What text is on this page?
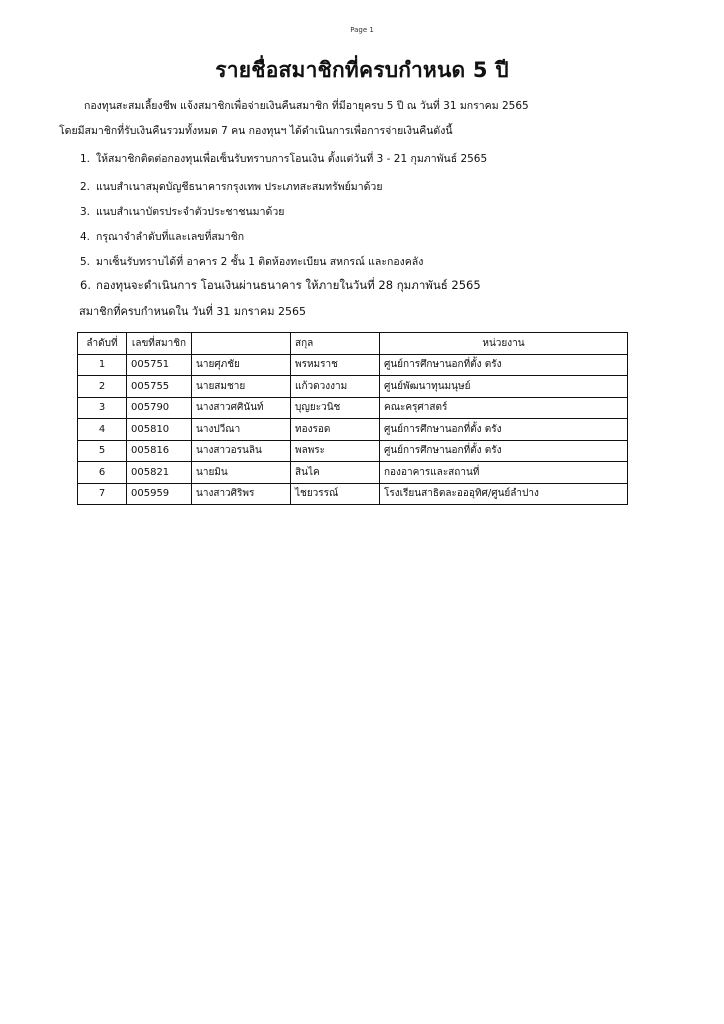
Page 1
รายชื่อสมาชิกที่ครบกำหนด 5 ปี
กองทุนสะสมเลี้ยงชีพ แจ้งสมาชิกเพื่อจ่ายเงินคืนสมาชิก ที่มีอายุครบ 5 ปี ณ วันที่ 31 มกราคม 2565
โดยมีสมาชิกที่รับเงินคืนรวมทั้งหมด 7 คน กองทุนฯ ได้ดำเนินการเพื่อการจ่ายเงินคืนดังนี้
1. ให้สมาชิกติดต่อกองทุนเพื่อเซ็นรับทราบการโอนเงิน ตั้งแต่วันที่ 3 - 21 กุมภาพันธ์ 2565
2. แนบสำเนาสมุดบัญชีธนาคารกรุงเทพ ประเภทสะสมทรัพย์มาด้วย
3. แนบสำเนาบัตรประจำตัวประชาชนมาด้วย
4. กรุณาจำลำดับที่และเลขที่สมาชิก
5. มาเซ็นรับทราบได้ที่ อาคาร 2 ชั้น 1 ติดห้องทะเบียน สหกรณ์ และกองคลัง
6. กองทุนจะดำเนินการ โอนเงินผ่านธนาคาร ให้ภายในวันที่ 28 กุมภาพันธ์ 2565
สมาชิกที่ครบกำหนดใน วันที่ 31 มกราคม 2565
ลำดับที่	เลขที่สมาชิก		สกุล	หน่วยงาน
1	005751	นายศุภชัย	พรหมราช	ศูนย์การศึกษานอกที่ตั้ง ตรัง
2	005755	นายสมชาย	แก้วดวงงาม	ศูนย์พัฒนาทุนมนุษย์
3	005790	นางสาวศศินันท์	บุญยะวนิช	คณะครุศาสตร์
4	005810	นางปวีณา	ทองรอด	ศูนย์การศึกษานอกที่ตั้ง ตรัง
5	005816	นางสาวอรนลิน	พลพระ	ศูนย์การศึกษานอกที่ตั้ง ตรัง
6	005821	นายมิน	สินไค	กองอาคารและสถานที่
7	005959	นางสาวศิริพร	ไชยวรรณ์	โรงเรียนสาธิตละอออุทิศ/ศูนย์ลำปาง
